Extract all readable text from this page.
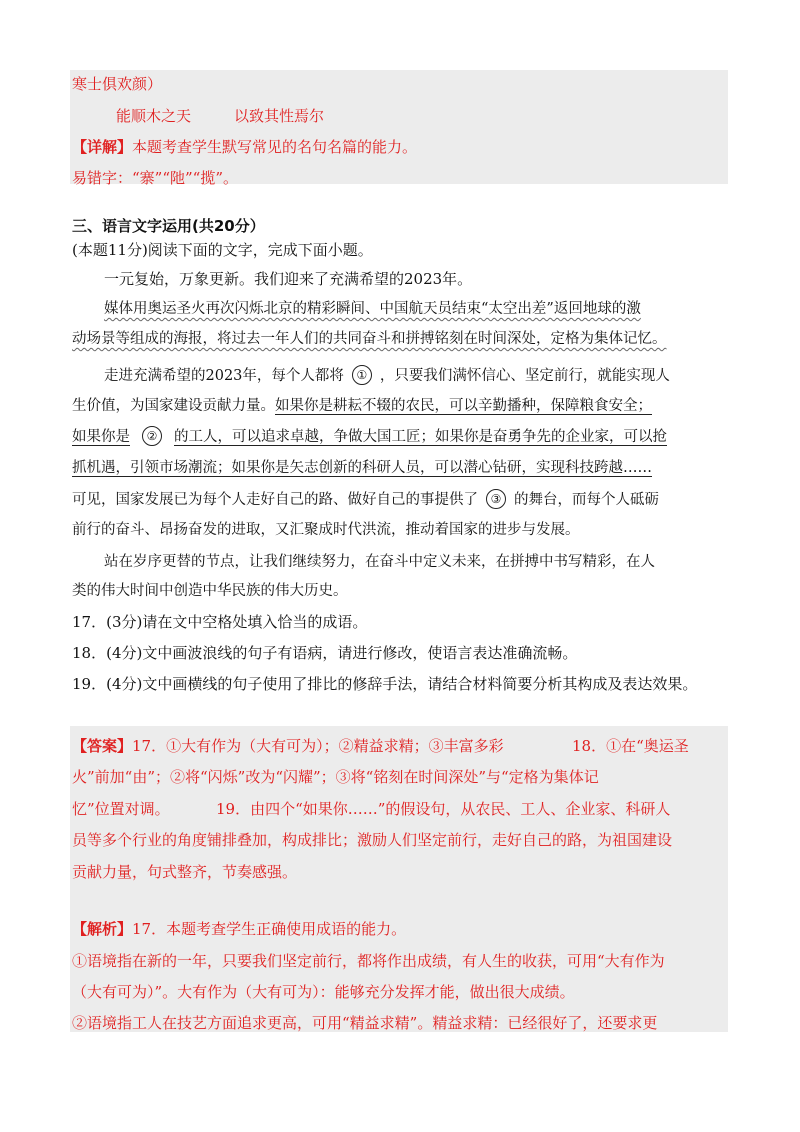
寒士俱欢颜）
能顺木之天	以致其性焉尔
【详解】本题考查学生默写常见的名句名篇的能力。
易错字：“寨”“阤”“揽”。
三、语言文字运用(共20分）
(本题11分)阅读下面的文字，完成下面小题。
一元复始，万象更新。我们迎来了充满希望的2023年。
媒体用奥运圣火再次闪烁北京的精彩瞬间、中国航天员结束“太空出差”返回地球的激
动场景等组成的海报，将过去一年人们的共同奋斗和拼搏铭刻在时间深处，定格为集体记忆。
走进充满希望的2023年，每个人都将 ① ，只要我们满怀信心、坚定前行，就能实现人
生价值，为国家建设贡献力量。如果你是耕耘不辍的农民，可以辛勤播种，保障粮食安全；
如果你是 ② 的工人，可以追求卓越，争做大国工匠；如果你是奋勇争先的企业家，可以抢
抓机遇，引领市场潮流；如果你是矢志创新的科研人员，可以潜心钻研，实现科技跨越……
可见，国家发展已为每个人走好自己的路、做好自己的事提供了 ③ 的舞台，而每个人砥砺
前行的奋斗、昂扬奋发的进取，又汇聚成时代洪流，推动着国家的进步与发展。
站在岁序更替的节点，让我们继续努力，在奋斗中定义未来，在拼搏中书写精彩，在人
类的伟大时间中创造中华民族的伟大历史。
17．(3分)请在文中空格处填入恰当的成语。
18．(4分)文中画波浪线的句子有语病，请进行修改，使语言表达准确流畅。
19．(4分)文中画横线的句子使用了排比的修辞手法，请结合材料简要分析其构成及表达效果。
【答案】17．①大有作为（大有可为）；②精益求精；③丰富多彩	18．①在“奥运圣
火”前加“由”；②将“闪烁”改为“闪耀”；③将“铭刻在时间深处”与“定格为集体记
忆”位置对调。	19．由四个“如果你……”的假设句，从农民、工人、企业家、科研人
员等多个行业的角度铺排叠加，构成排比；激励人们坚定前行，走好自己的路，为祖国建设
贡献力量，句式整齐，节奏感强。
【解析】17．本题考查学生正确使用成语的能力。
①语境指在新的一年，只要我们坚定前行，都将作出成绩，有人生的收获，可用“大有作为
（大有可为）”。大有作为（大有可为）：能够充分发挥才能，做出很大成绩。
②语境指工人在技艺方面追求更高，可用“精益求精”。精益求精：已经很好了，还要求更
